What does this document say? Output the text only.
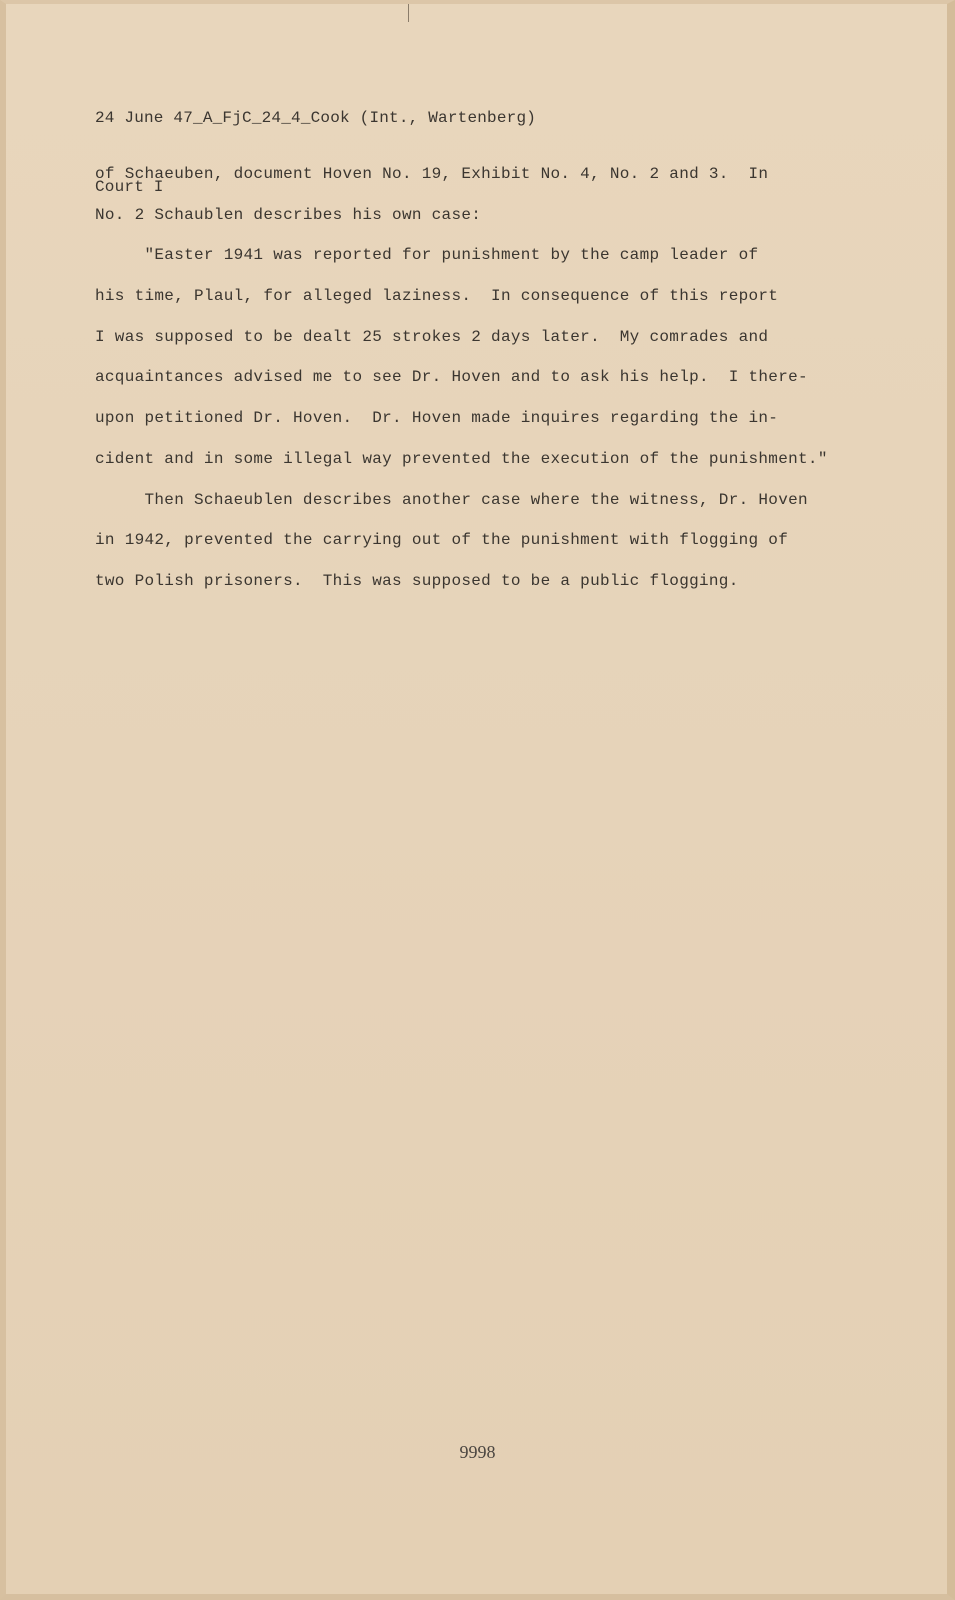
24 June 47_A_FjC_24_4_Cook (Int., Wartenberg)

Court I

of Schaeuben, document Hoven No. 19, Exhibit No. 4, No. 2 and 3.  In
No. 2 Schaublen describes his own case:
"Easter 1941 was reported for punishment by the camp leader of
his time, Plaul, for alleged laziness.  In consequence of this report
I was supposed to be dealt 25 strokes 2 days later.  My comrades and
acquaintances advised me to see Dr. Hoven and to ask his help.  I there-
upon petitioned Dr. Hoven.  Dr. Hoven made inquires regarding the in-
cident and in some illegal way prevented the execution of the punishment."
Then Schaeublen describes another case where the witness, Dr. Hoven
in 1942, prevented the carrying out of the punishment with flogging of
two Polish prisoners.  This was supposed to be a public flogging.
9998
